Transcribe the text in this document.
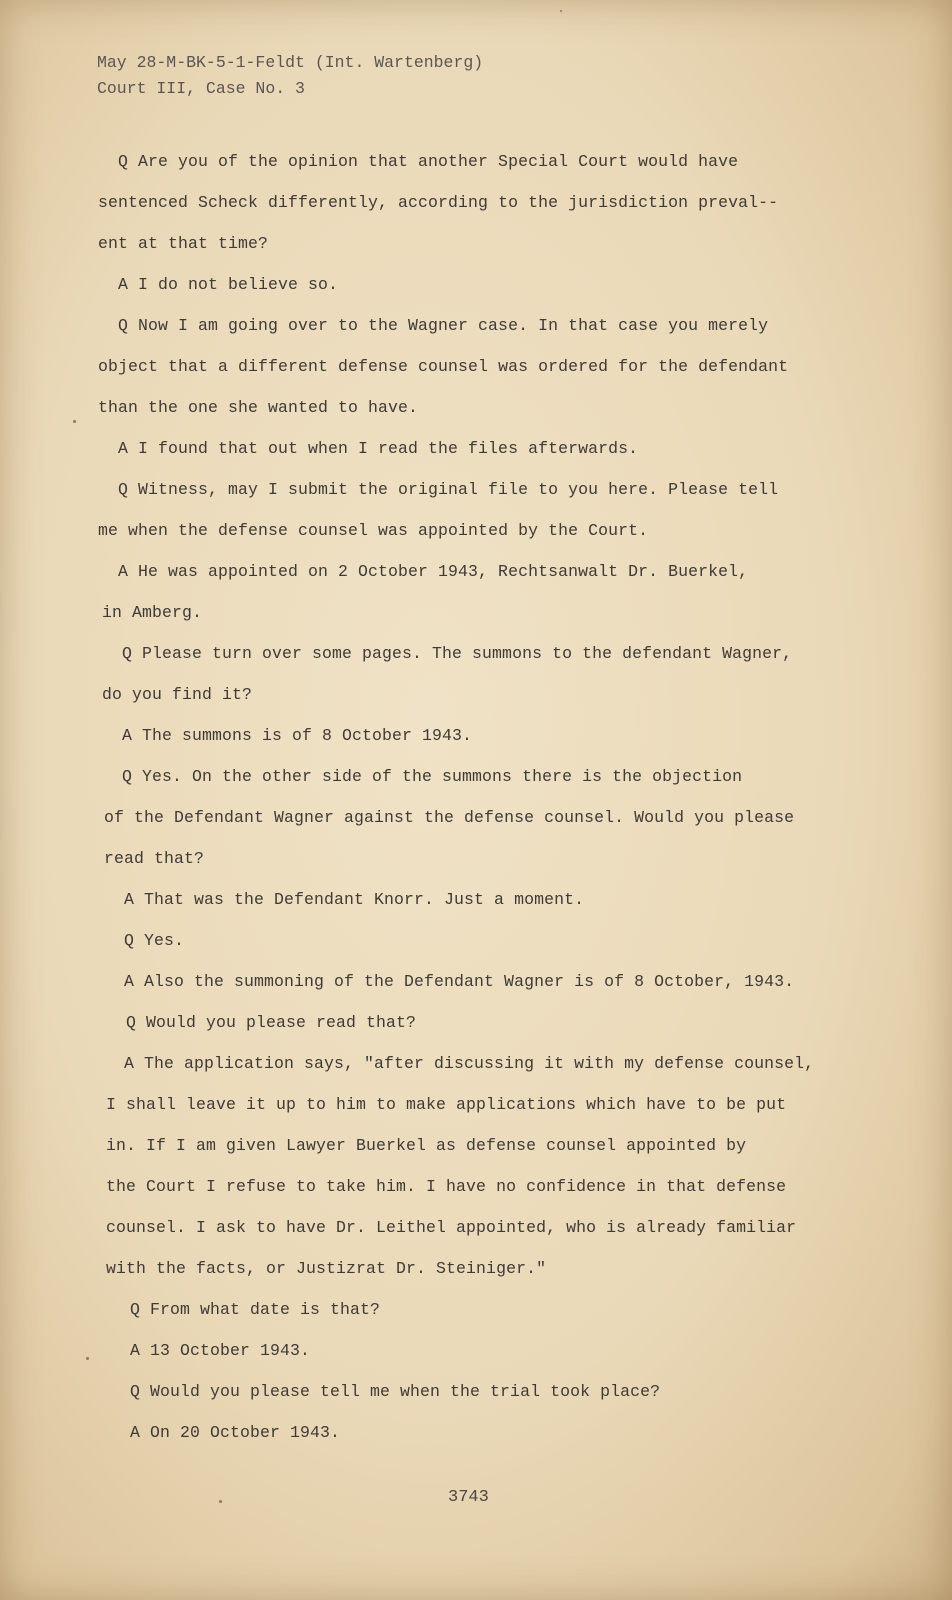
May 28-M-BK-5-1-Feldt (Int. Wartenberg)
Court III, Case No. 3
Q Are you of the opinion that another Special Court would have
sentenced Scheck differently, according to the jurisdiction preval--
ent at that time?
A I do not believe so.
Q Now I am going over to the Wagner case. In that case you merely
object that a different defense counsel was ordered for the defendant
than the one she wanted to have.
A I found that out when I read the files afterwards.
Q Witness, may I submit the original file to you here. Please tell
me when the defense counsel was appointed by the Court.
A He was appointed on 2 October 1943, Rechtsanwalt Dr. Buerkel,
in Amberg.
Q Please turn over some pages. The summons to the defendant Wagner,
do you find it?
A The summons is of 8 October 1943.
Q Yes. On the other side of the summons there is the objection
of the Defendant Wagner against the defense counsel. Would you please
read that?
A That was the Defendant Knorr. Just a moment.
Q Yes.
A Also the summoning of the Defendant Wagner is of 8 October, 1943.
Q Would you please read that?
A The application says, "after discussing it with my defense counsel,
I shall leave it up to him to make applications which have to be put
in. If I am given Lawyer Buerkel as defense counsel appointed by
the Court I refuse to take him. I have no confidence in that defense
counsel. I ask to have Dr. Leithel appointed, who is already familiar
with the facts, or Justizrat Dr. Steiniger."
Q From what date is that?
A 13 October 1943.
Q Would you please tell me when the trial took place?
A On 20 October 1943.
3743
